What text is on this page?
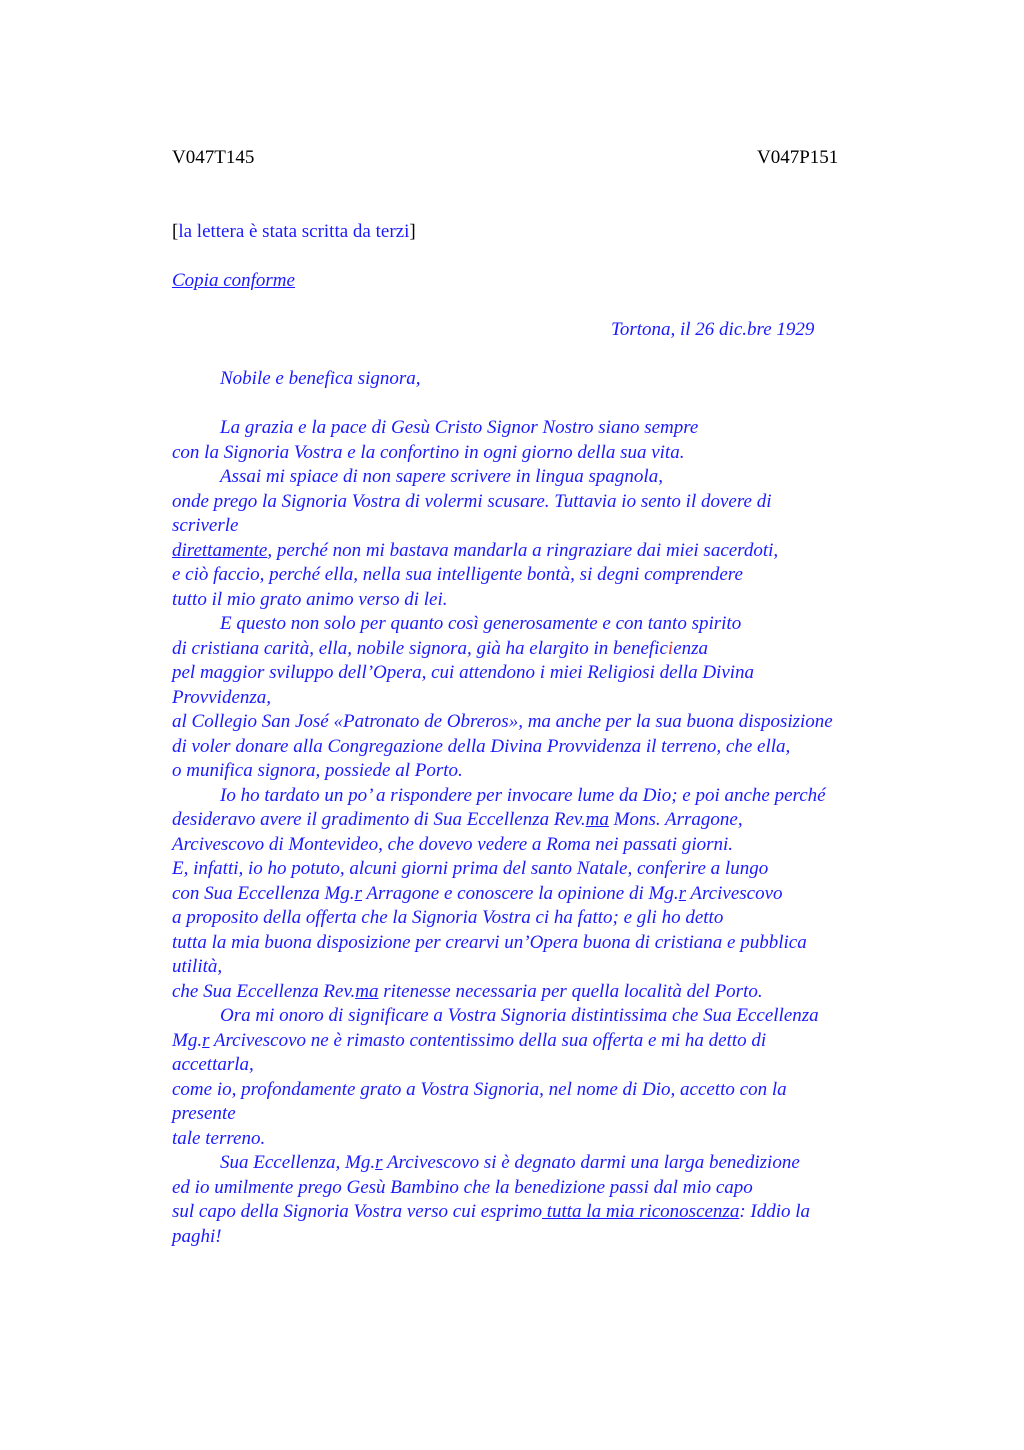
V047T145	V047P151
[la lettera è stata scritta da terzi]
Copia conforme
Tortona, il 26 dic.bre 1929
Nobile e benefica signora,
La grazia e la pace di Gesù Cristo Signor Nostro siano sempre
con la Signoria Vostra e la confortino in ogni giorno della sua vita.
Assai mi spiace di non sapere scrivere in lingua spagnola,
onde prego la Signoria Vostra di volermi scusare. Tuttavia io sento il dovere di
scriverle
direttamente, perché non mi bastava mandarla a ringraziare dai miei sacerdoti,
e ciò faccio, perché ella, nella sua intelligente bontà, si degni comprendere
tutto il mio grato animo verso di lei.
E questo non solo per quanto così generosamente e con tanto spirito
di cristiana carità, ella, nobile signora, già ha elargito in beneficienza
pel maggior sviluppo dell’Opera, cui attendono i miei Religiosi della Divina
Provvidenza,
al Collegio San José «Patronato de Obreros», ma anche per la sua buona disposizione
di voler donare alla Congregazione della Divina Provvidenza il terreno, che ella,
o munifica signora, possiede al Porto.
Io ho tardato un po’ a rispondere per invocare lume da Dio; e poi anche perché
desideravo avere il gradimento di Sua Eccellenza Rev.ma Mons. Arragone,
Arcivescovo di Montevideo, che dovevo vedere a Roma nei passati giorni.
E, infatti, io ho potuto, alcuni giorni prima del santo Natale, conferire a lungo
con Sua Eccellenza Mg.r Arragone e conoscere la opinione di Mg.r Arcivescovo
a proposito della offerta che la Signoria Vostra ci ha fatto; e gli ho detto
tutta la mia buona disposizione per crearvi un’Opera buona di cristiana e pubblica
utilità,
che Sua Eccellenza Rev.ma ritenesse necessaria per quella località del Porto.
Ora mi onoro di significare a Vostra Signoria distintissima che Sua Eccellenza
Mg.r Arcivescovo ne è rimasto contentissimo della sua offerta e mi ha detto di
accettarla,
come io, profondamente grato a Vostra Signoria, nel nome di Dio, accetto con la
presente
tale terreno.
Sua Eccellenza, Mg.r Arcivescovo si è degnato darmi una larga benedizione
ed io umilmente prego Gesù Bambino che la benedizione passi dal mio capo
sul capo della Signoria Vostra verso cui esprimo tutta la mia riconoscenza: Iddio la
paghi!
